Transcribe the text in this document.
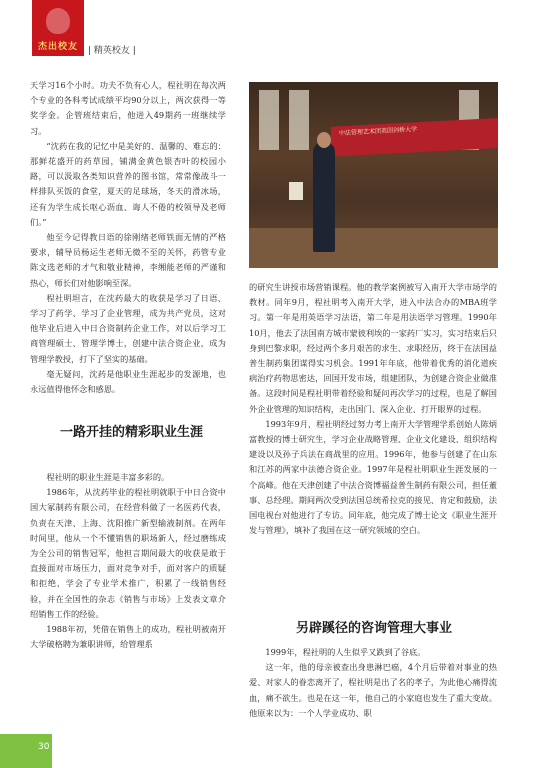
杰出校友	| 精英校友 |

天学习16个小时。功夫不负有心人，程社明在每次两个专业的各科考试成绩平均90分以上，两次获得一等奖学金。企管班结束后，他进入49期药一班继续学习。

“沈药在我的记忆中是美好的、温馨的、难忘的：那鲜花盛开的药草园，铺满金黄色银杏叶的校园小路，可以汲取各类知识营养的图书馆，常常像战斗一样排队买饭的食堂，夏天的足球场，冬天的滑冰场，还有为学生成长呕心沥血、诲人不倦的校领导及老师们。”

他至今记得教日语的徐刚绪老师铁面无情的严格要求，辅导员杨运生老师无微不至的关怀，药管专业陈文选老师的才气和敬业精神，李缃能老师的严谨和热心，师长们对他影响至深。

程社明坦言，在沈药最大的收获是学习了日语、学习了药学、学习了企业管理，成为共产党员，这对他毕业后进入中日合资制药企业工作，对以后学习工商管理硕士、管理学博士，创建中法合资企业，成为管理学教授，打下了坚实的基础。

毫无疑问，沈药是他职业生涯起步的发源地，也永远值得他怀念和感恩。

一路开挂的精彩职业生涯

程社明的职业生涯是丰富多彩的。

1986年，从沈药毕业的程社明就职于中日合资中国大冢制药有限公司，在经营科做了一名医药代表，负责在天津、上海、沈阳推广新型输液制剂。在两年时间里，他从一个不懂销售的职场新人，经过磨练成为全公司的销售冠军，他担言期间最大的收获是敢于直接面对市场压力，面对竞争对手，面对客户的质疑和拒绝，学会了专业学术推广，积累了一线销售经验，并在全国性的杂志《销售与市场》上发表文章介绍销售工作的经验。

1988年初，凭借在销售上的成功，程社明被南开大学破格聘为兼职讲师，给管理系

中法管理艺术团英国剑桥大学

的研究生讲授市场营销课程。他的教学案例被写入南开大学市场学的教材。同年9月，程社明考入南开大学，进入中法合办的MBA班学习。第一年是用英语学习法语，第二年是用法语学习管理。1990年10月，他去了法国南方城市蒙彼利埃的一家药厂实习，实习结束后只身到巴黎求职，经过两个多月艰苦的求生、求职经历，终于在法国益普生制药集团谋得实习机会。1991年年底，他带着优秀的消化道疾病治疗药物思密达，回国开发市场，组建团队，为创建合资企业做准备。这段时间是程社明带着经验和疑问再次学习的过程，也是了解国外企业管理的知识结构，走出国门、深入企业、打开眼界的过程。

1993年9月，程社明经过努力考上南开大学管理学系创始人陈炳富教授的博士研究生，学习企业战略管理、企业文化建设、组织结构建设以及孙子兵法在商战里的应用。1996年，他参与创建了在山东和江苏的两家中法德合资企业。1997年是程社明职业生涯发展的一个高峰。他在天津创建了中法合资博福益普生制药有限公司，担任董事、总经理。期间两次受到法国总统希拉克的接见、肯定和鼓励，法国电视台对他进行了专访。同年底，他完成了博士论文《职业生涯开发与管理》，填补了我国在这一研究领域的空白。

另辟蹊径的咨询管理大事业

1999年，程社明的人生似乎又跌到了谷底。

这一年，他的母亲被查出身患淋巴癌，4个月后带着对事业的热爱、对家人的眷恋离开了，程社明是出了名的孝子，为此他心痛得流血，痛不欲生。也是在这一年，他自己的小家庭也发生了重大变故。他原来以为：一个人学业成功、职

30
